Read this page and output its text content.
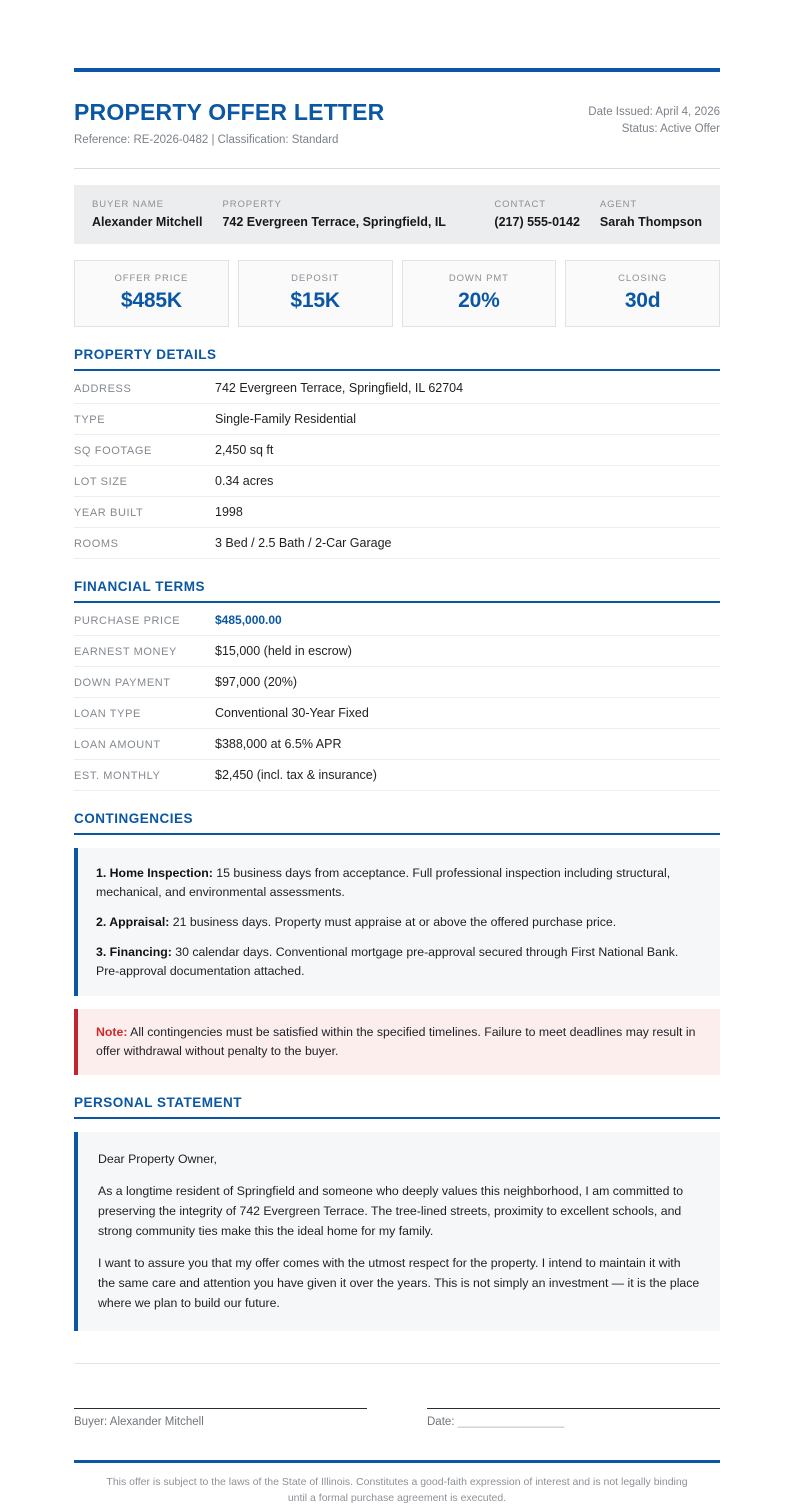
PROPERTY OFFER LETTER
Reference: RE-2026-0482 | Classification: Standard
Date Issued: April 4, 2026
Status: Active Offer
BUYER NAME
Alexander Mitchell
PROPERTY
742 Evergreen Terrace, Springfield, IL
CONTACT
(217) 555-0142
AGENT
Sarah Thompson
OFFER PRICE
$485K
DEPOSIT
$15K
DOWN PMT
20%
CLOSING
30d
PROPERTY DETAILS
ADDRESS	742 Evergreen Terrace, Springfield, IL 62704
TYPE	Single-Family Residential
SQ FOOTAGE	2,450 sq ft
LOT SIZE	0.34 acres
YEAR BUILT	1998
ROOMS	3 Bed / 2.5 Bath / 2-Car Garage
FINANCIAL TERMS
PURCHASE PRICE	$485,000.00
EARNEST MONEY	$15,000 (held in escrow)
DOWN PAYMENT	$97,000 (20%)
LOAN TYPE	Conventional 30-Year Fixed
LOAN AMOUNT	$388,000 at 6.5% APR
EST. MONTHLY	$2,450 (incl. tax & insurance)
CONTINGENCIES

1. Home Inspection: 15 business days from acceptance. Full professional inspection including structural, mechanical, and environmental assessments.

2. Appraisal: 21 business days. Property must appraise at or above the offered purchase price.

3. Financing: 30 calendar days. Conventional mortgage pre-approval secured through First National Bank. Pre-approval documentation attached.

Note: All contingencies must be satisfied within the specified timelines. Failure to meet deadlines may result in offer withdrawal without penalty to the buyer.

PERSONAL STATEMENT

Dear Property Owner,

As a longtime resident of Springfield and someone who deeply values this neighborhood, I am committed to preserving the integrity of 742 Evergreen Terrace. The tree-lined streets, proximity to excellent schools, and strong community ties make this the ideal home for my family.

I want to assure you that my offer comes with the utmost respect for the property. I intend to maintain it with the same care and attention you have given it over the years. This is not simply an investment — it is the place where we plan to build our future.

Buyer: Alexander Mitchell	Date: __________________
This offer is subject to the laws of the State of Illinois. Constitutes a good-faith expression of interest and is not legally binding until a formal purchase agreement is executed.
